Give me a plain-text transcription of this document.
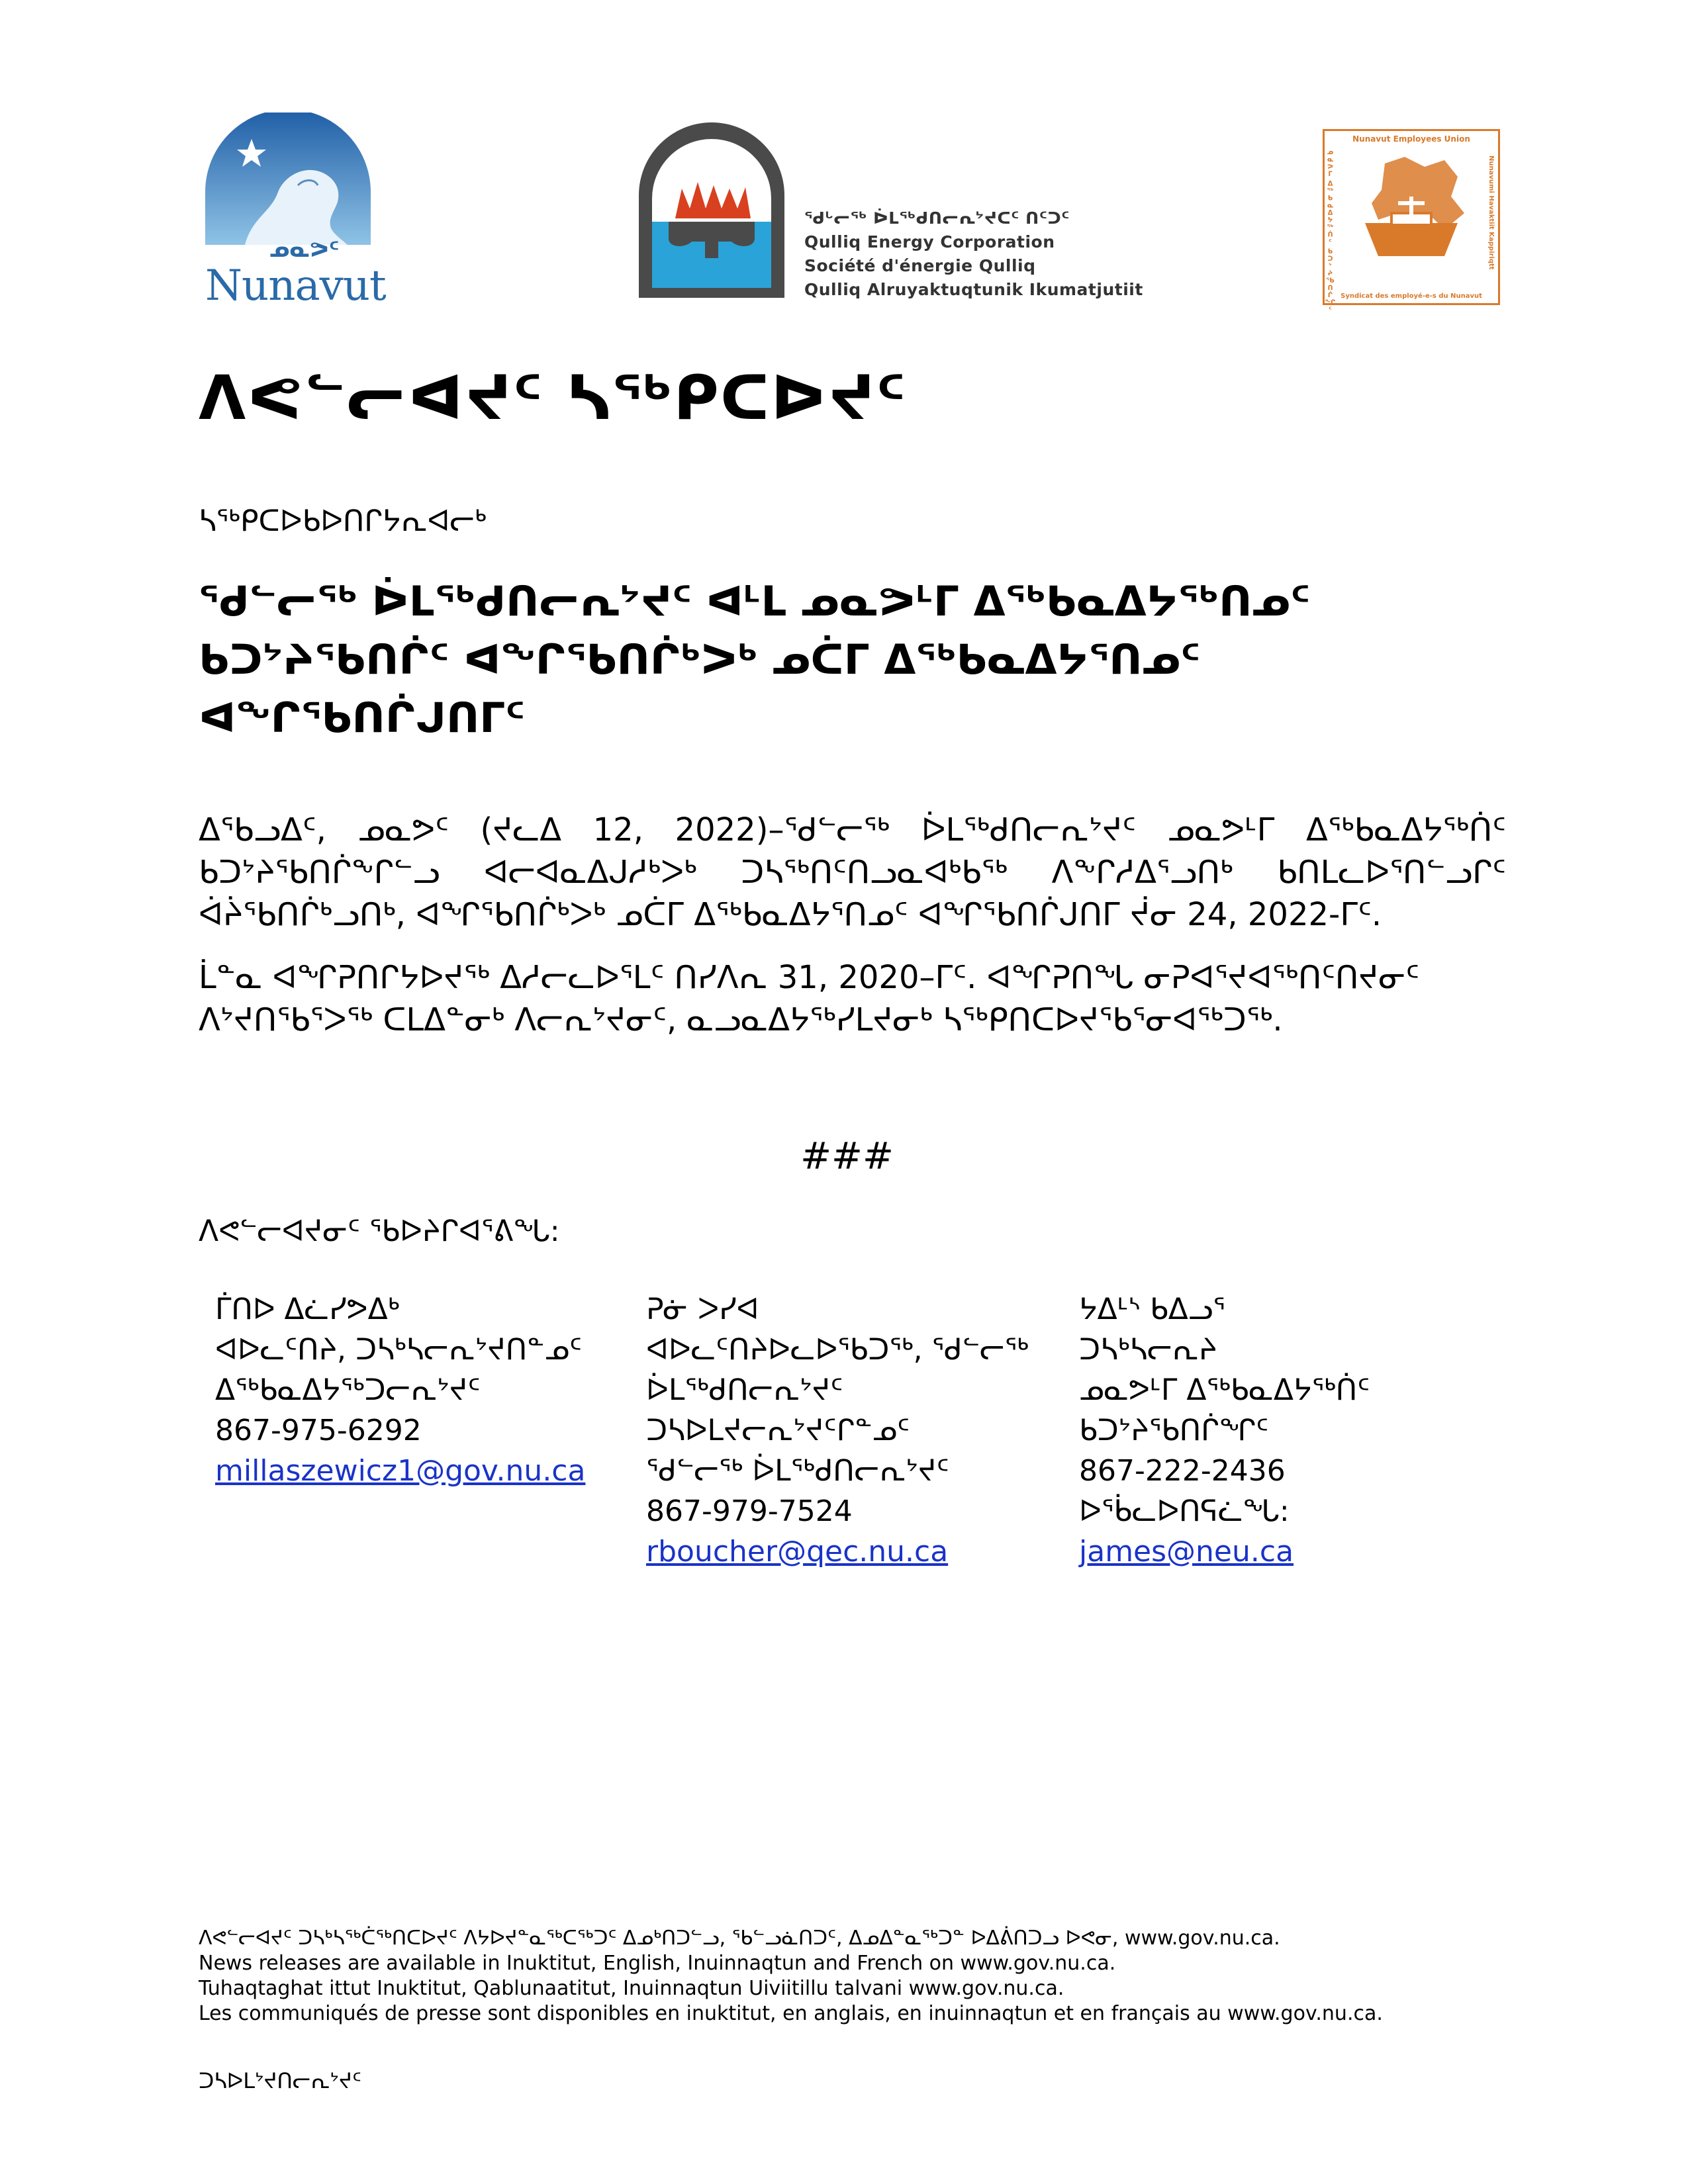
ᓄᓇᕗᑦ
Nunavut
ᖁᒡᓕᖅ ᐆᒪᖅᑯᑎᓕᕆᔾᔪᑕᑦ ᑎᑦᑐᑦ
Qulliq Energy Corporation
Société d'énergie Qulliq
Qulliq Alruyaktuqtunik Ikumatjutiit
Nunavut Employees Union
Nunavumi Havaktiit Kappiriqtt
ᓄᓇᕗᒥ ᐃᖅᑲᓇᐃᔭᖅᑏᑦ ᑲᑐᔾᔨᖃᑎᒌᖏᑦ	Syndicat des employé-e-s du Nunavut
ᐱᕙᓪᓕᐊᔪᑦ ᓴᖅᑭᑕᐅᔪᑦ
ᓴᖅᑭᑕᐅᑲᐅᑎᒋᔭᕆᐊᓕᒃ
ᖁᓪᓕᖅ ᐆᒪᖅᑯᑎᓕᕆᔾᔪᑦ ᐊᒻᒪ ᓄᓇᕗᒻᒥ ᐃᖅᑲᓇᐃᔭᖅᑎᓄᑦ ᑲᑐᔾᔨᖃᑎᒌᑦ ᐊᖏᖃᑎᒌᒃᐳᒃ ᓄᑖᒥ ᐃᖅᑲᓇᐃᔭᕐᑎᓄᑦ ᐊᖏᖃᑎᒌᒍᑎᒥᑦ
ᐃᖃᓗᐃᑦ, ᓄᓇᕗᑦ (ᔪᓚᐃ 12, 2022)–ᖁᓪᓕᖅ ᐆᒪᖅᑯᑎᓕᕆᔾᔪᑦ ᓄᓇᕗᒻᒥ ᐃᖅᑲᓇᐃᔭᖅᑏᑦ ᑲᑐᔾᔨᖃᑎᒌᖕᒋᓪᓗ ᐊᓕᐊᓇᐃᒍᓱᒃᐳᒃ ᑐᓴᖅᑎᑦᑎᓗᓇᐊᒃᑲᖅ ᐱᖕᒋᓱᐃᕐᓗᑎᒃ ᑲᑎᒪᓚᐅᕐᑎᓪᓗᒋᑦ ᐋᔩᖃᑎᒌᒃᓗᑎᒃ, ᐊᖏᖃᑎᒌᒃᐳᒃ ᓄᑖᒥ ᐃᖅᑲᓇᐃᔭᕐᑎᓄᑦ ᐊᖏᖃᑎᒌᒍᑎᒥ ᔫᓂ 24, 2022-ᒥᑦ.
ᒫᓐᓇ ᐊᖏᕈᑎᒋᔭᐅᔪᖅ ᐃᓱᓕᓚᐅᕐᒪᑦ ᑎᓯᐱᕆ 31, 2020–ᒥᑦ. ᐊᖏᕈᑎᖓ ᓂᕈᐊᕐᔪᐊᖅᑎᑦᑎᔪᓂᑦ ᐱᔾᔪᑎᖃᕐᐳᖅ ᑕᒪᐃᓐᓂᒃ ᐱᓕᕆᔾᔪᓂᑦ, ᓇᓗᓇᐃᔭᖅᓯᒪᔪᓂᒃ ᓴᖅᑭᑎᑕᐅᔪᖃᕐᓂᐊᖅᑐᖅ.
###
ᐱᕙᓪᓕᐊᔪᓂᑦ ᖃᐅᔨᒋᐊᕐᕕᖓ:
ᒦᑎᐅ ᐃᓛᓯᕗᐃᒃ
ᐊᐅᓚᑦᑎᔨ, ᑐᓴᒃᓴᓕᕆᔾᔪᑎᓐᓄᑦ
ᐃᖅᑲᓇᐃᔭᖅᑐᓕᕆᔾᔪᑦ
867-975-6292
millaszewicz1@gov.nu.ca
ᕈᓃ ᐳᓯᐊ
ᐊᐅᓚᑦᑎᔨᐅᓚᐅᖃᑐᖅ, ᖁᓪᓕᖅ
ᐆᒪᖅᑯᑎᓕᕆᔾᔪᑦ
ᑐᓴᐅᒪᔪᓕᕆᔾᔪᑦᒋᓐᓄᑦ
ᖁᓪᓕᖅ ᐆᒪᖅᑯᑎᓕᕆᔾᔪᑦ
867-979-7524
rboucher@qec.nu.ca
ᔭᐃᒻᔅ ᑲᐃᓗᕐ
ᑐᓴᒃᓴᓕᕆᔨ
ᓄᓇᕗᒻᒥ ᐃᖅᑲᓇᐃᔭᖅᑏᑦ
ᑲᑐᔾᔨᖃᑎᒌᖏᑦ
867-222-2436
ᐅᖄᓚᐅᑎᕋᓛᖓ:
james@neu.ca
ᐱᕙᓪᓕᐊᔪᑦ ᑐᓴᒃᓴᖅᑖᖅᑎᑕᐅᔪᑦ ᐱᔭᐅᔪᓐᓇᖅᑕᖅᑐᑦ ᐃᓄᒃᑎᑐᓪᓗ, ᖃᓪᓗᓈᑎᑐᑦ, ᐃᓄᐃᓐᓇᖅᑐᓐ ᐅᐃᕖᑎᑐᓗ ᐅᕙᓂ, www.gov.nu.ca.
News releases are available in Inuktitut, English, Inuinnaqtun and French on www.gov.nu.ca.
Tuhaqtaghat ittut Inuktitut, Qablunaatitut, Inuinnaqtun Uiviitillu talvani www.gov.nu.ca.
Les communiqués de presse sont disponibles en inuktitut, en anglais, en inuinnaqtun et en français au www.gov.nu.ca.
ᑐᓴᐅᒪᔾᔪᑎᓕᕆᔾᔪᑦ
